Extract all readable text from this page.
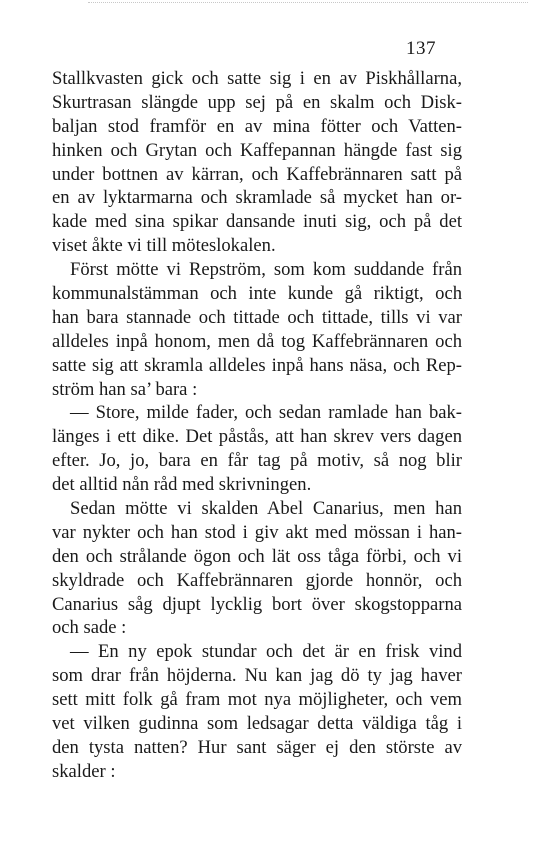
137
Stallkvasten gick och satte sig i en av Piskhållarna,
Skurtrasan slängde upp sej på en skalm och Disk-
baljan stod framför en av mina fötter och Vatten-
hinken och Grytan och Kaffepannan hängde fast sig
under bottnen av kärran, och Kaffebrännaren satt på
en av lyktarmarna och skramlade så mycket han or-
kade med sina spikar dansande inuti sig, och på det
viset åkte vi till möteslokalen.
Först mötte vi Repström, som kom suddande från
kommunalstämman och inte kunde gå riktigt, och
han bara stannade och tittade och tittade, tills vi var
alldeles inpå honom, men då tog Kaffebrännaren och
satte sig att skramla alldeles inpå hans näsa, och Rep-
ström han sa’ bara :
— Store, milde fader, och sedan ramlade han bak-
länges i ett dike. Det påstås, att han skrev vers dagen
efter. Jo, jo, bara en får tag på motiv, så nog blir
det alltid nån råd med skrivningen.
Sedan mötte vi skalden Abel Canarius, men han
var nykter och han stod i giv akt med mössan i han-
den och strålande ögon och lät oss tåga förbi, och vi
skyldrade och Kaffebrännaren gjorde honnör, och
Canarius såg djupt lycklig bort över skogstopparna
och sade :
— En ny epok stundar och det är en frisk vind
som drar från höjderna. Nu kan jag dö ty jag haver
sett mitt folk gå fram mot nya möjligheter, och vem
vet vilken gudinna som ledsagar detta väldiga tåg i
den tysta natten? Hur sant säger ej den störste av
skalder :
